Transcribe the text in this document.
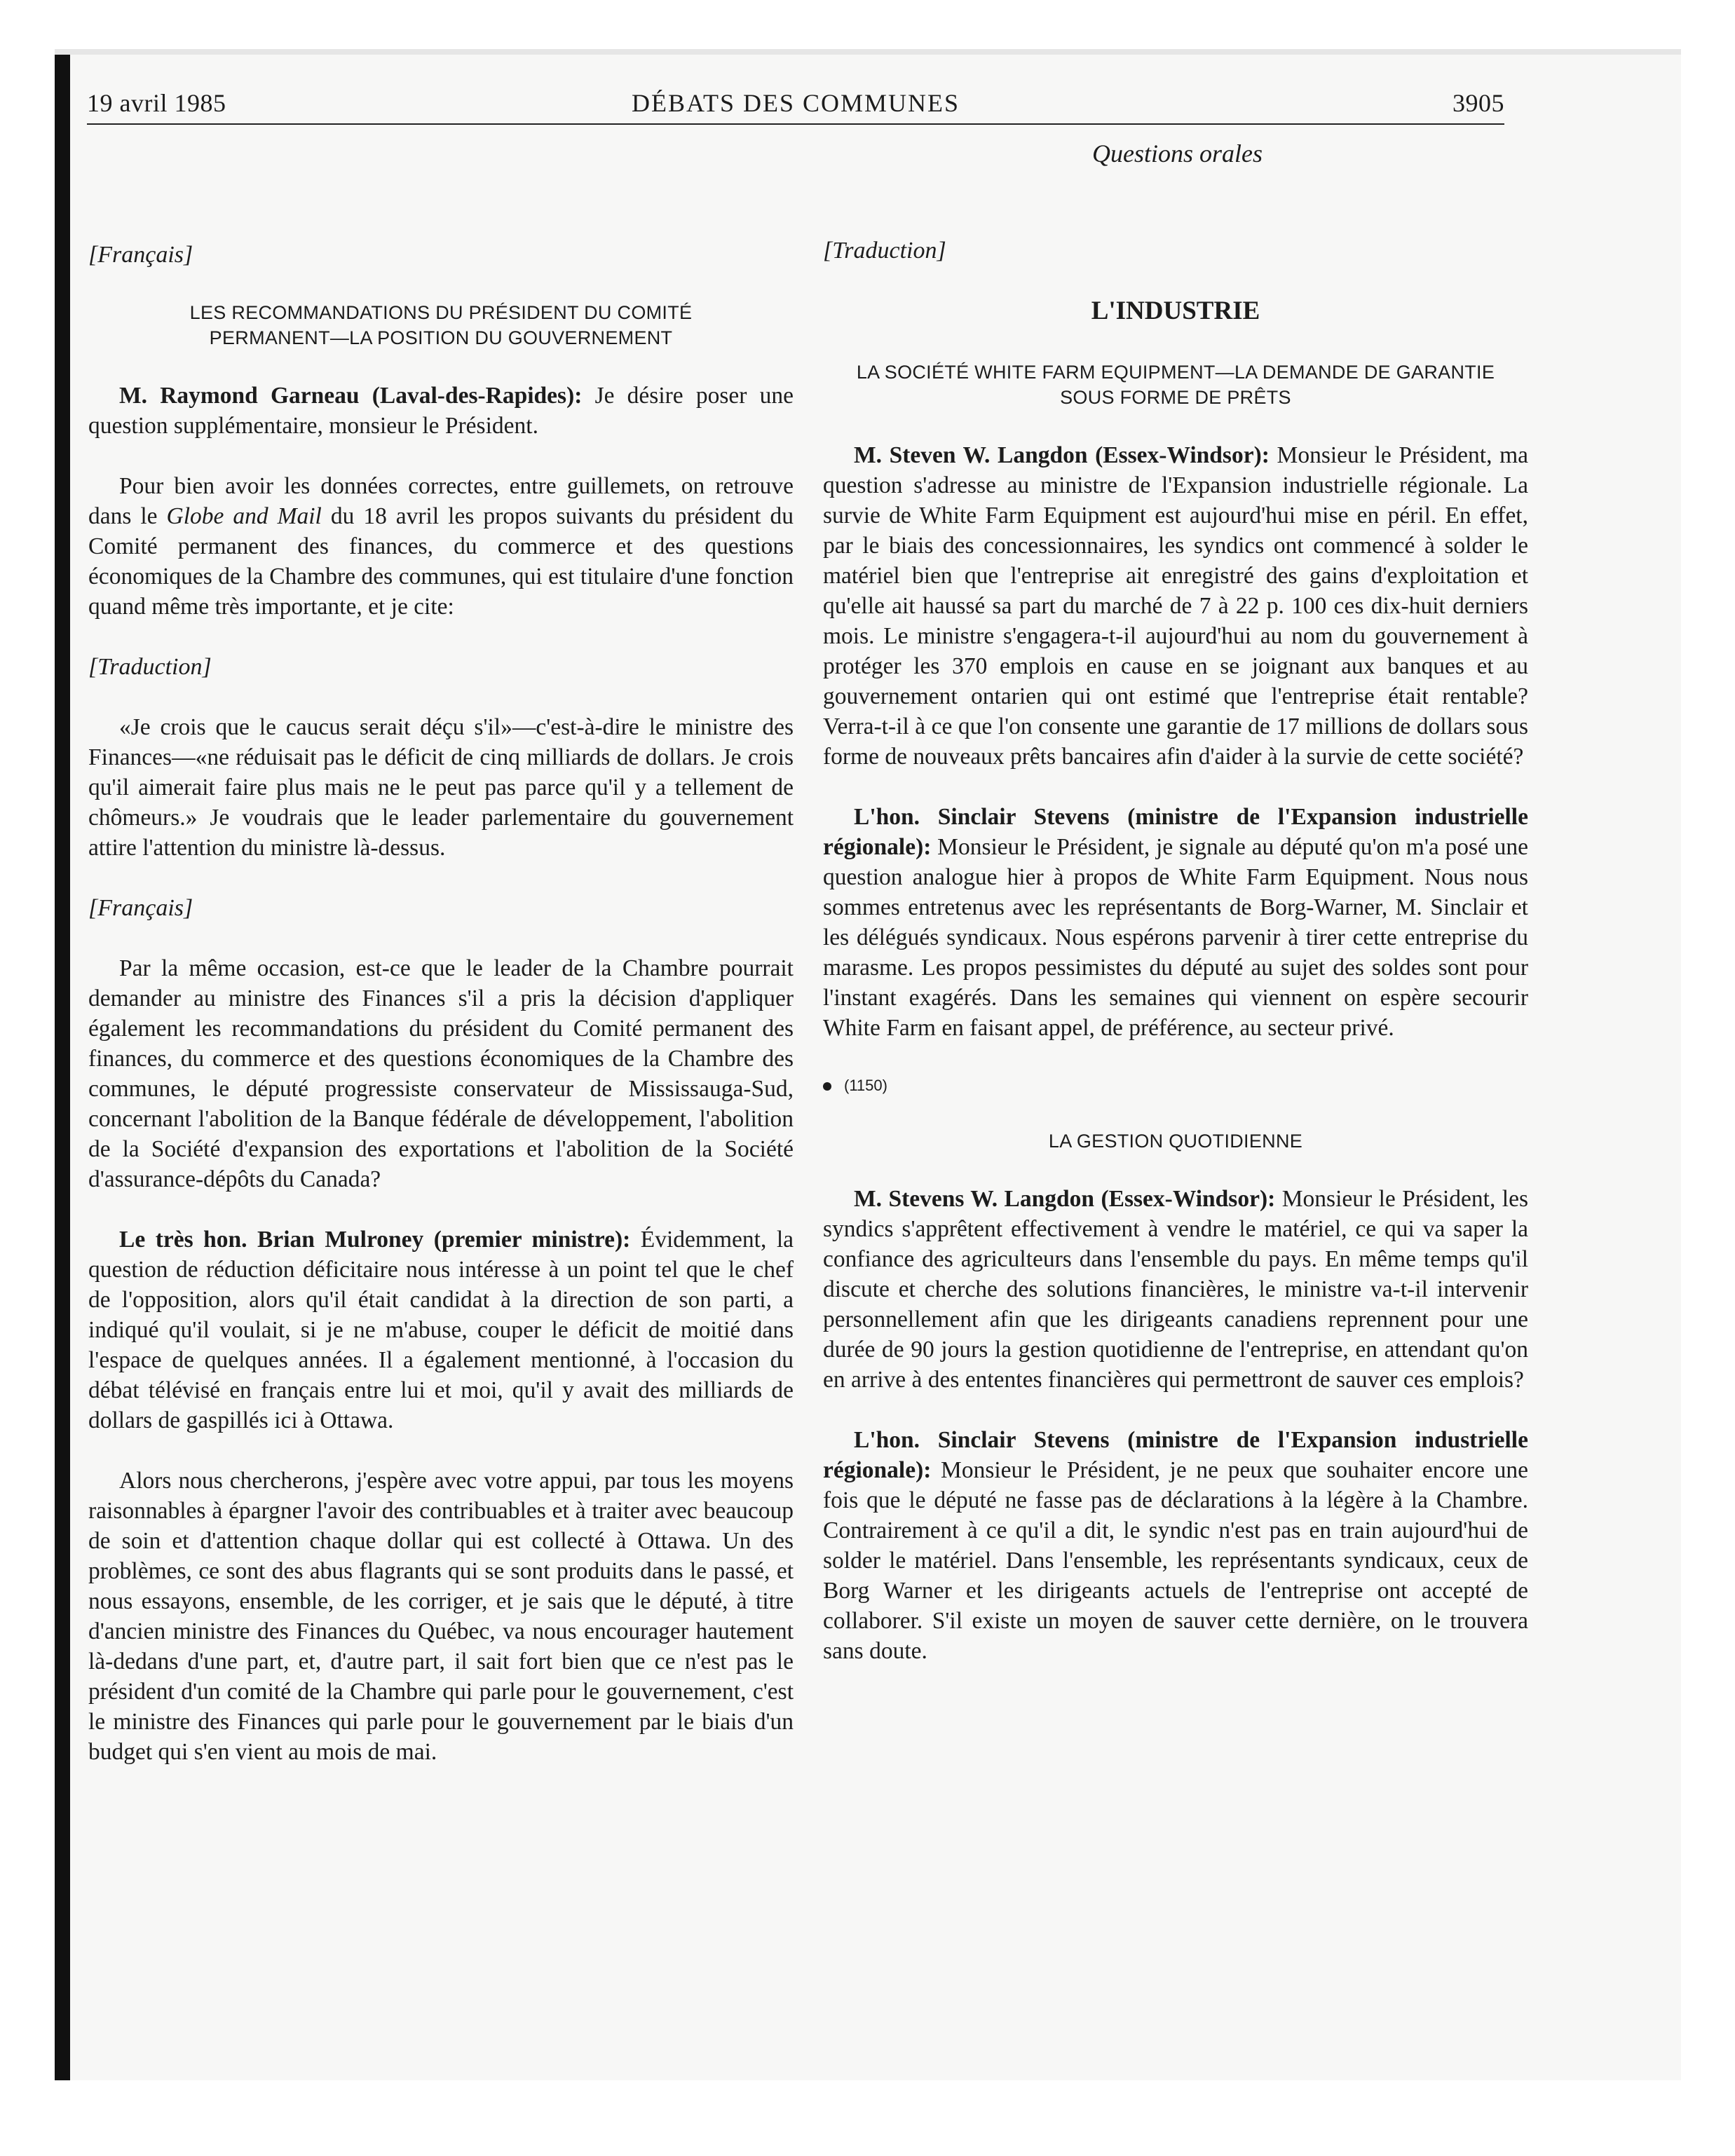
19 avril 1985	DÉBATS DES COMMUNES	3905
Questions orales
[Français]
LES RECOMMANDATIONS DU PRÉSIDENT DU COMITÉ PERMANENT—LA POSITION DU GOUVERNEMENT

M. Raymond Garneau (Laval-des-Rapides): Je désire poser une question supplémentaire, monsieur le Président.

Pour bien avoir les données correctes, entre guillemets, on retrouve dans le Globe and Mail du 18 avril les propos suivants du président du Comité permanent des finances, du commerce et des questions économiques de la Chambre des communes, qui est titulaire d'une fonction quand même très importante, et je cite:

[Traduction]

«Je crois que le caucus serait déçu s'il»—c'est-à-dire le ministre des Finances—«ne réduisait pas le déficit de cinq milliards de dollars. Je crois qu'il aimerait faire plus mais ne le peut pas parce qu'il y a tellement de chômeurs.» Je voudrais que le leader parlementaire du gouvernement attire l'attention du ministre là-dessus.

[Français]

Par la même occasion, est-ce que le leader de la Chambre pourrait demander au ministre des Finances s'il a pris la décision d'appliquer également les recommandations du président du Comité permanent des finances, du commerce et des questions économiques de la Chambre des communes, le député progressiste conservateur de Mississauga-Sud, concernant l'abolition de la Banque fédérale de développement, l'abolition de la Société d'expansion des exportations et l'abolition de la Société d'assurance-dépôts du Canada?

Le très hon. Brian Mulroney (premier ministre): Évidemment, la question de réduction déficitaire nous intéresse à un point tel que le chef de l'opposition, alors qu'il était candidat à la direction de son parti, a indiqué qu'il voulait, si je ne m'abuse, couper le déficit de moitié dans l'espace de quelques années. Il a également mentionné, à l'occasion du débat télévisé en français entre lui et moi, qu'il y avait des milliards de dollars de gaspillés ici à Ottawa.

Alors nous chercherons, j'espère avec votre appui, par tous les moyens raisonnables à épargner l'avoir des contribuables et à traiter avec beaucoup de soin et d'attention chaque dollar qui est collecté à Ottawa. Un des problèmes, ce sont des abus flagrants qui se sont produits dans le passé, et nous essayons, ensemble, de les corriger, et je sais que le député, à titre d'ancien ministre des Finances du Québec, va nous encourager hautement là-dedans d'une part, et, d'autre part, il sait fort bien que ce n'est pas le président d'un comité de la Chambre qui parle pour le gouvernement, c'est le ministre des Finances qui parle pour le gouvernement par le biais d'un budget qui s'en vient au mois de mai.

[Traduction]
L'INDUSTRIE
LA SOCIÉTÉ WHITE FARM EQUIPMENT—LA DEMANDE DE GARANTIE SOUS FORME DE PRÊTS

M. Steven W. Langdon (Essex-Windsor): Monsieur le Président, ma question s'adresse au ministre de l'Expansion industrielle régionale. La survie de White Farm Equipment est aujourd'hui mise en péril. En effet, par le biais des concessionnaires, les syndics ont commencé à solder le matériel bien que l'entreprise ait enregistré des gains d'exploitation et qu'elle ait haussé sa part du marché de 7 à 22 p. 100 ces dix-huit derniers mois. Le ministre s'engagera-t-il aujourd'hui au nom du gouvernement à protéger les 370 emplois en cause en se joignant aux banques et au gouvernement ontarien qui ont estimé que l'entreprise était rentable? Verra-t-il à ce que l'on consente une garantie de 17 millions de dollars sous forme de nouveaux prêts bancaires afin d'aider à la survie de cette société?

L'hon. Sinclair Stevens (ministre de l'Expansion industrielle régionale): Monsieur le Président, je signale au député qu'on m'a posé une question analogue hier à propos de White Farm Equipment. Nous nous sommes entretenus avec les représentants de Borg-Warner, M. Sinclair et les délégués syndicaux. Nous espérons parvenir à tirer cette entreprise du marasme. Les propos pessimistes du député au sujet des soldes sont pour l'instant exagérés. Dans les semaines qui viennent on espère secourir White Farm en faisant appel, de préférence, au secteur privé.

(1150)
LA GESTION QUOTIDIENNE

M. Stevens W. Langdon (Essex-Windsor): Monsieur le Président, les syndics s'apprêtent effectivement à vendre le matériel, ce qui va saper la confiance des agriculteurs dans l'ensemble du pays. En même temps qu'il discute et cherche des solutions financières, le ministre va-t-il intervenir personnellement afin que les dirigeants canadiens reprennent pour une durée de 90 jours la gestion quotidienne de l'entreprise, en attendant qu'on en arrive à des ententes financières qui permettront de sauver ces emplois?

L'hon. Sinclair Stevens (ministre de l'Expansion industrielle régionale): Monsieur le Président, je ne peux que souhaiter encore une fois que le député ne fasse pas de déclarations à la légère à la Chambre. Contrairement à ce qu'il a dit, le syndic n'est pas en train aujourd'hui de solder le matériel. Dans l'ensemble, les représentants syndicaux, ceux de Borg Warner et les dirigeants actuels de l'entreprise ont accepté de collaborer. S'il existe un moyen de sauver cette dernière, on le trouvera sans doute.
